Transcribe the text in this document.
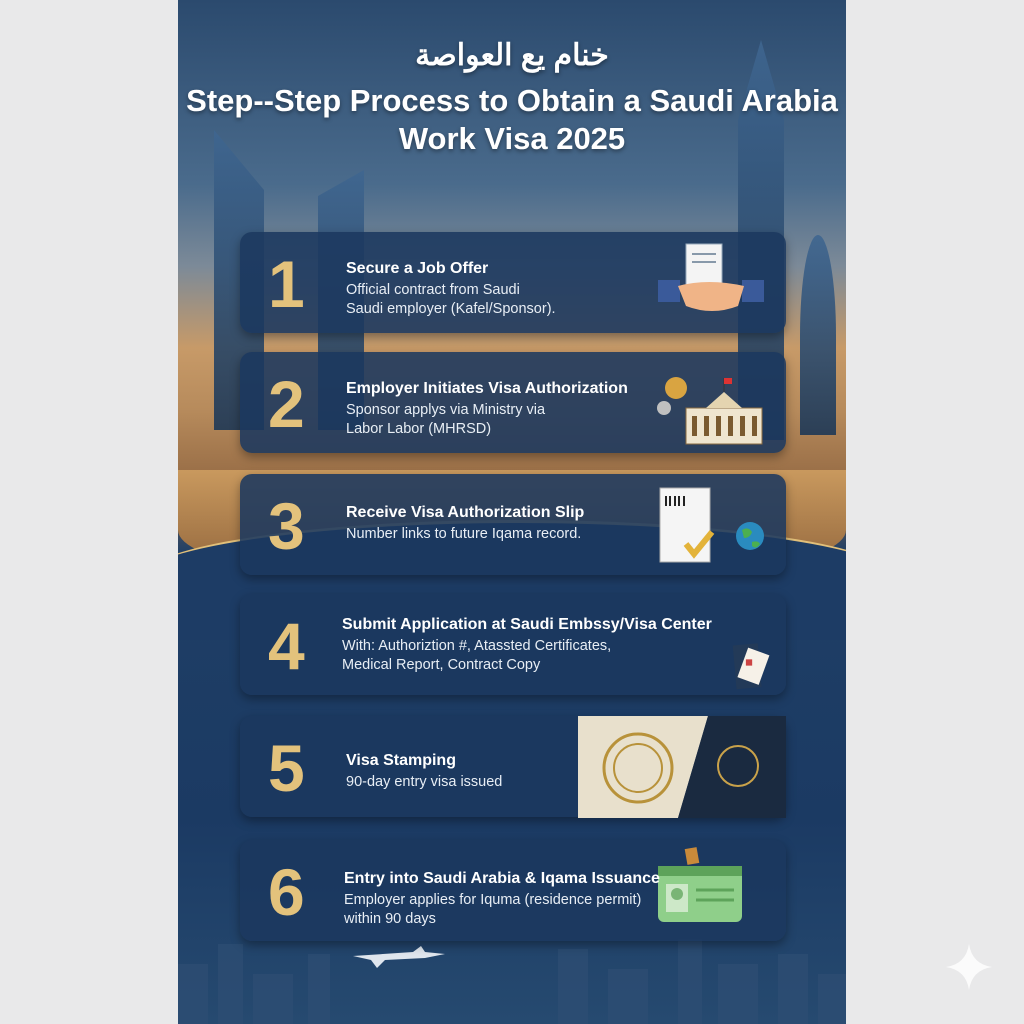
خنام يع العواصة
Step--Step Process to Obtain a Saudi Arabia Work Visa 2025
1	Secure a Job Offer
Official contract from Saudi
Saudi employer (Kafel/Sponsor).
2	Employer Initiates Visa Authorization
Sponsor applys via Ministry via
Labor Labor (MHRSD)
3	Receive Visa Authorization Slip
Number links to future Iqama record.
4 Submit Application at Saudi Embssy/Visa Center
With: Authoriztion #, Atassted Certificates,
Medical Report, Contract Copy
5	Visa Stamping
90-day entry visa issued
6 Entry into Saudi Arabia & Iqama Issuance
Employer applies for Iquma (residence permit)
within 90 days
